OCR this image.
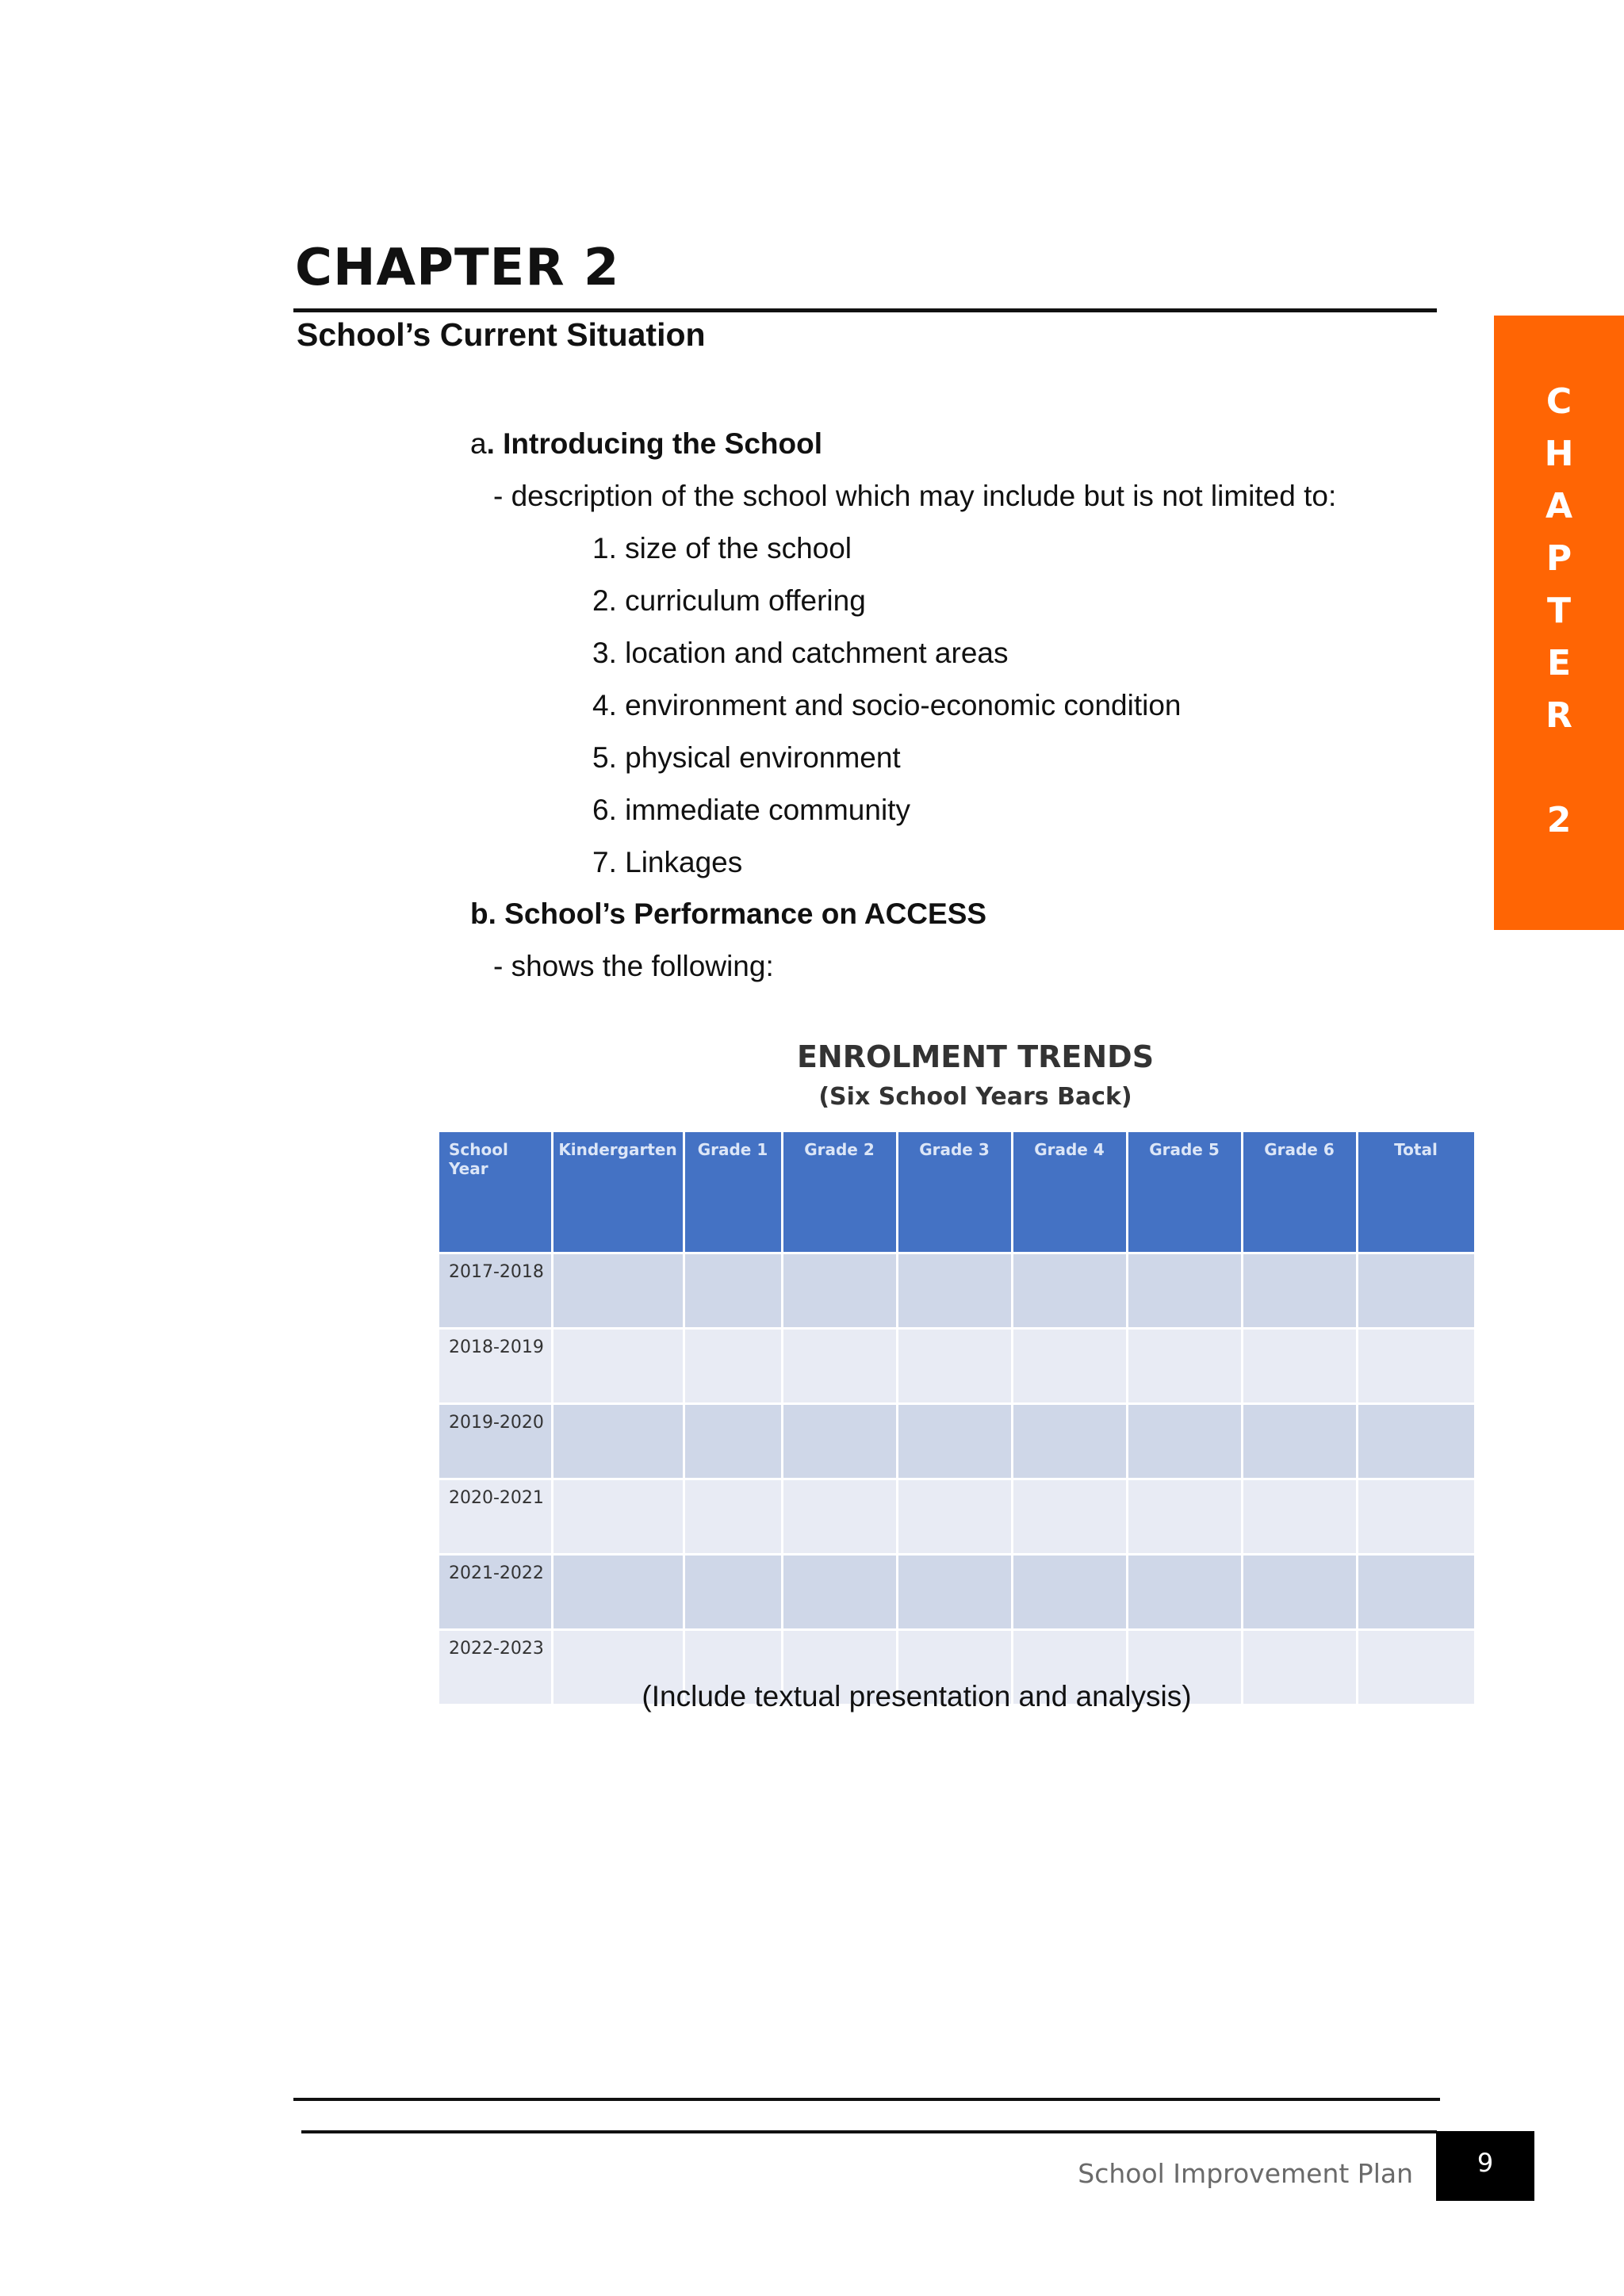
CHAPTER 2
School’s Current Situation
C
H
A
P
T
E
R
2
a. Introducing the School
- description of the school which may include but is not limited to:
1. size of the school
2. curriculum offering
3. location and catchment areas
4. environment and socio-economic condition
5. physical environment
6. immediate community
7. Linkages
b. School’s Performance on ACCESS
- shows the following:
ENROLMENT TRENDS
(Six School Years Back)
School Year	Kindergarten	Grade 1	Grade 2	Grade 3	Grade 4	Grade 5	Grade 6	Total
2017-2018								
2018-2019								
2019-2020								
2020-2021								
2021-2022								
2022-2023								
(Include textual presentation and analysis)
School Improvement Plan	9
